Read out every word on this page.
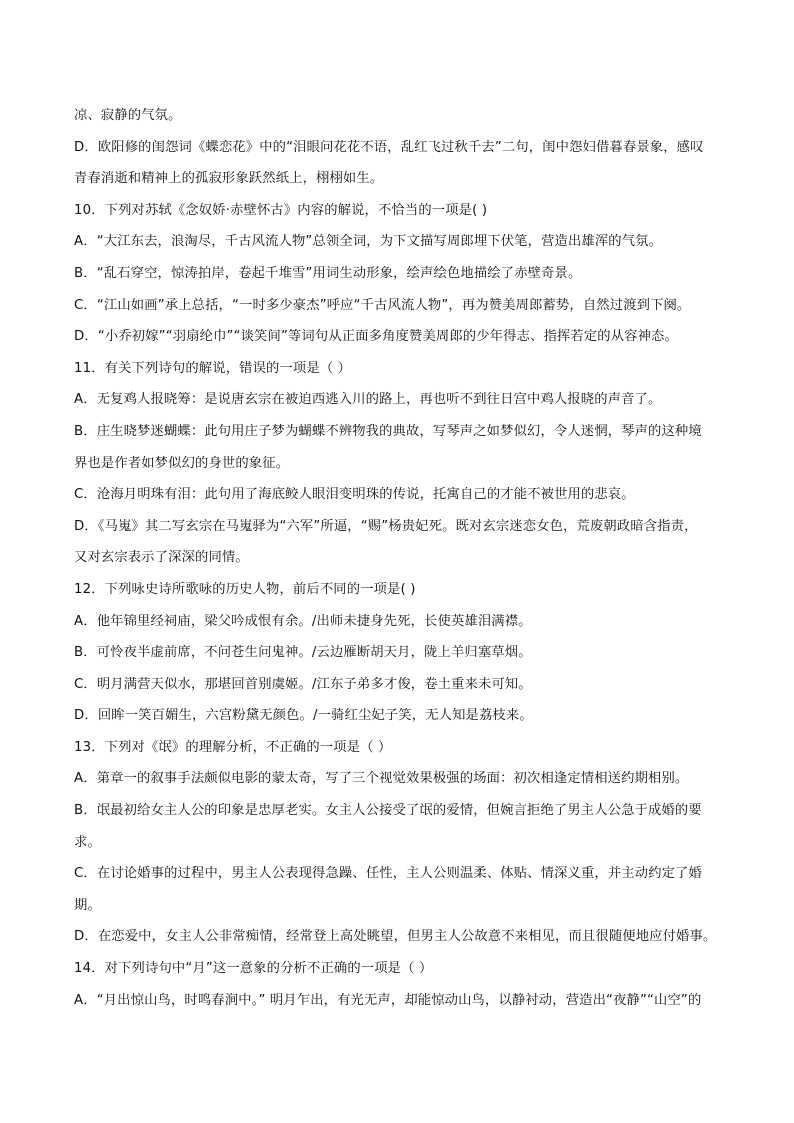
凉、寂静的气氛。
D．欧阳修的闺怨词《蝶恋花》中的“泪眼问花花不语，乱红飞过秋千去”二句，闺中怨妇借暮春景象，感叹
青春消逝和精神上的孤寂形象跃然纸上，栩栩如生。
10．下列对苏轼《念奴娇·赤壁怀古》内容的解说，不恰当的一项是( )
A．“大江东去，浪淘尽，千古风流人物”总领全词，为下文描写周郎埋下伏笔，营造出雄浑的气氛。
B．“乱石穿空，惊涛拍岸，卷起千堆雪”用词生动形象，绘声绘色地描绘了赤壁奇景。
C．“江山如画”承上总括，“一时多少豪杰”呼应“千古风流人物”，再为赞美周郎蓄势，自然过渡到下阕。
D．“小乔初嫁”“羽扇纶巾”“谈笑间”等词句从正面多角度赞美周郎的少年得志、指挥若定的从容神态。
11．有关下列诗句的解说，错误的一项是（ ）
A．无复鸡人报晓筹：是说唐玄宗在被迫西逃入川的路上，再也听不到往日宫中鸡人报晓的声音了。
B．庄生晓梦迷蝴蝶：此句用庄子梦为蝴蝶不辨物我的典故，写琴声之如梦似幻，令人迷惘，琴声的这种境
界也是作者如梦似幻的身世的象征。
C．沧海月明珠有泪：此句用了海底鲛人眼泪变明珠的传说，托寓自己的才能不被世用的悲哀。
D．《马嵬》其二写玄宗在马嵬驿为“六军”所逼，“赐”杨贵妃死。既对玄宗迷恋女色，荒废朝政暗含指责，
又对玄宗表示了深深的同情。
12．下列咏史诗所歌咏的历史人物，前后不同的一项是( )
A．他年锦里经祠庙，梁父吟成恨有余。/出师未捷身先死，长使英雄泪满襟。
B．可怜夜半虚前席，不问苍生问鬼神。/云边雁断胡天月，陇上羊归塞草烟。
C．明月满营天似水，那堪回首别虞姬。/江东子弟多才俊，卷土重来未可知。
D．回眸一笑百媚生，六宫粉黛无颜色。/一骑红尘妃子笑，无人知是荔枝来。
13．下列对《氓》的理解分析，不正确的一项是（ ）
A．第章一的叙事手法颇似电影的蒙太奇，写了三个视觉效果极强的场面：初次相逢定情相送约期相别。
B．氓最初给女主人公的印象是忠厚老实。女主人公接受了氓的爱情，但婉言拒绝了男主人公急于成婚的要
求。
C．在讨论婚事的过程中，男主人公表现得急躁、任性，主人公则温柔、体贴、情深义重，并主动约定了婚
期。
D．在恋爱中，女主人公非常痴情，经常登上高处眺望，但男主人公故意不来相见，而且很随便地应付婚事。
14．对下列诗句中“月”这一意象的分析不正确的一项是（ ）
A．“月出惊山鸟，时鸣春涧中。” 明月乍出，有光无声，却能惊动山鸟，以静衬动，营造出“夜静”“山空”的
